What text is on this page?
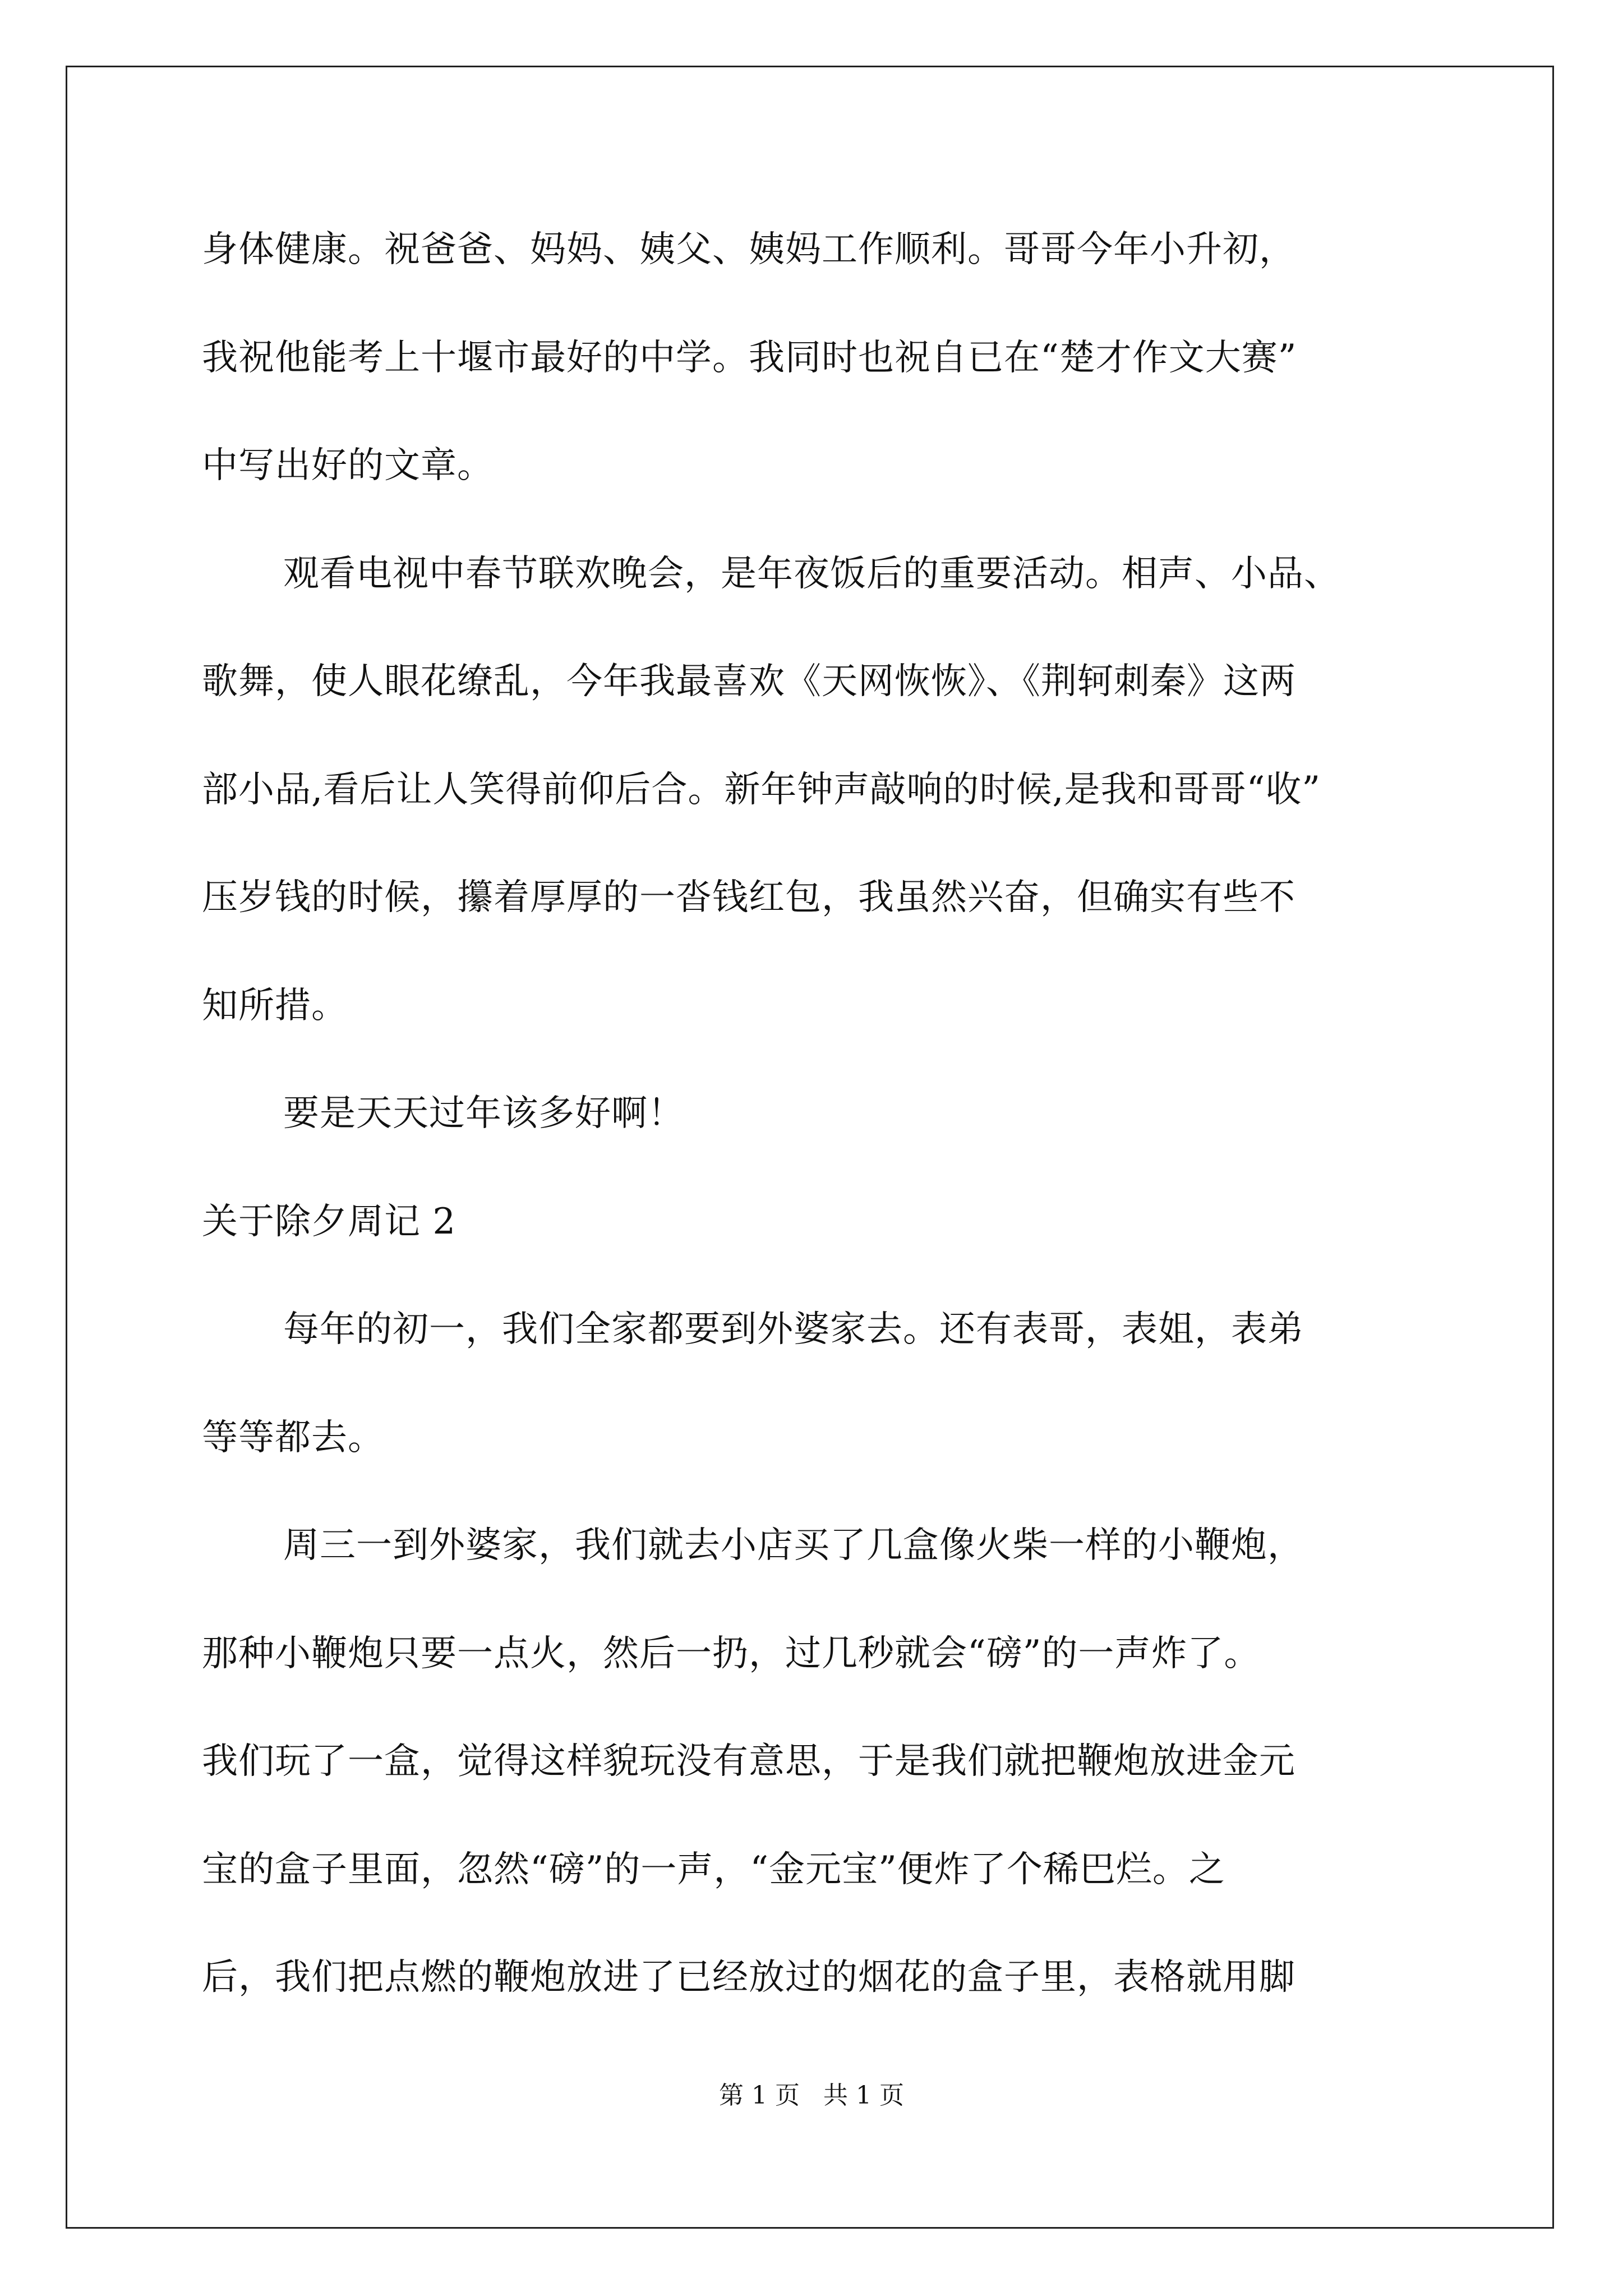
身体健康。祝爸爸、妈妈、姨父、姨妈工作顺利。哥哥今年小升初，
我祝他能考上十堰市最好的中学。我同时也祝自已在“楚才作文大赛”
中写出好的文章。
观看电视中春节联欢晚会，是年夜饭后的重要活动。相声、小品、
歌舞，使人眼花缭乱，今年我最喜欢《天网恢恢》、《荆轲刺秦》这两
部小品,看后让人笑得前仰后合。新年钟声敲响的时候,是我和哥哥“收”
压岁钱的时候，攥着厚厚的一沓钱红包，我虽然兴奋，但确实有些不
知所措。
要是天天过年该多好啊！
关于除夕周记 2
每年的初一，我们全家都要到外婆家去。还有表哥，表姐，表弟
等等都去。
周三一到外婆家，我们就去小店买了几盒像火柴一样的小鞭炮，
那种小鞭炮只要一点火，然后一扔，过几秒就会“磅”的一声炸了。
我们玩了一盒，觉得这样貌玩没有意思，于是我们就把鞭炮放进金元
宝的盒子里面，忽然“磅”的一声，“金元宝”便炸了个稀巴烂。之
后，我们把点燃的鞭炮放进了已经放过的烟花的盒子里，表格就用脚
第 1 页   共 1 页
